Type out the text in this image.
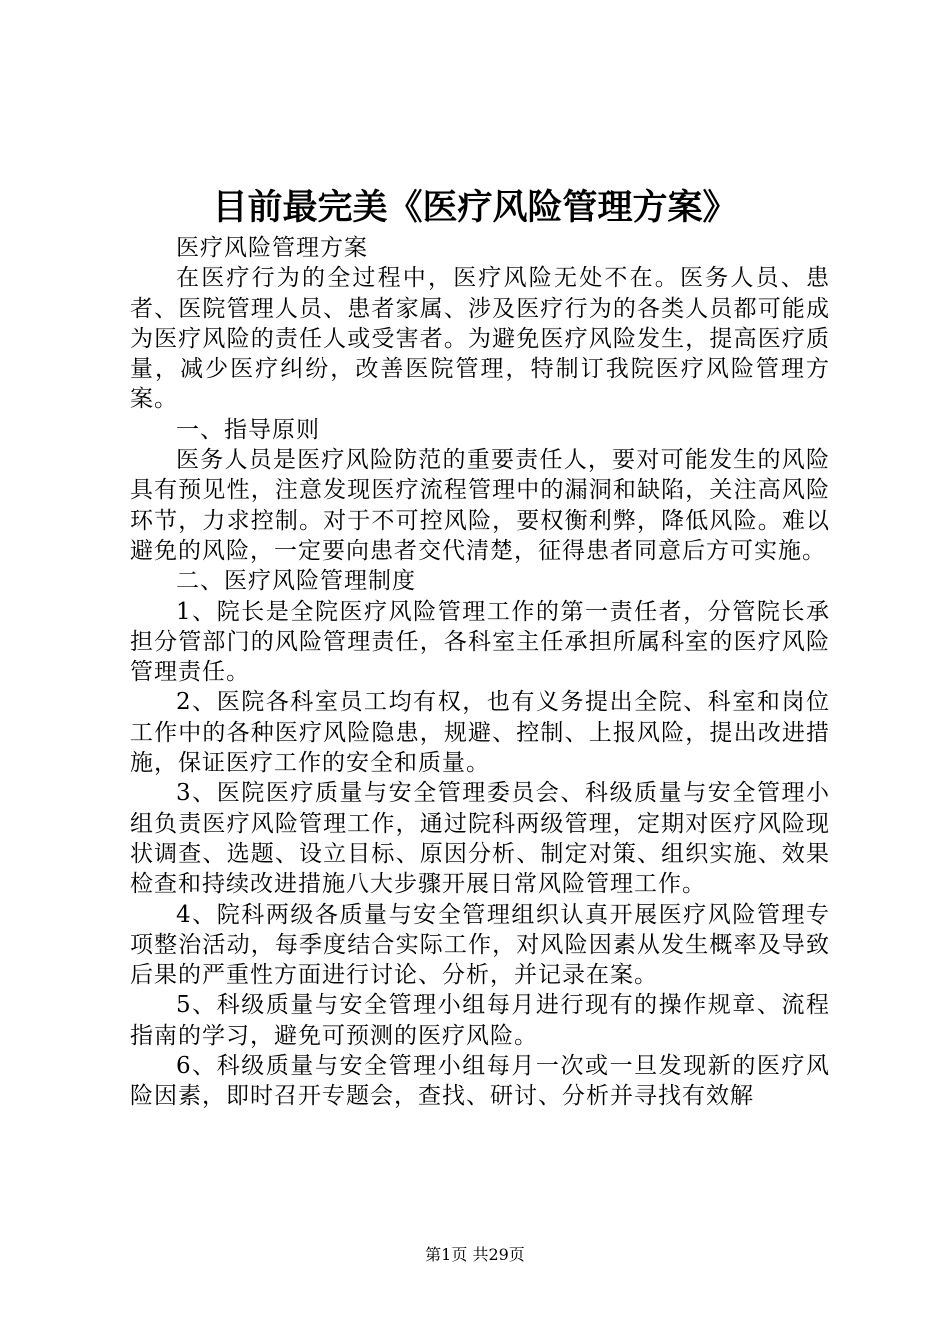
目前最完美《医疗风险管理方案》

医疗风险管理方案

在医疗行为的全过程中，医疗风险无处不在。医务人员、患者、医院管理人员、患者家属、涉及医疗行为的各类人员都可能成为医疗风险的责任人或受害者。为避免医疗风险发生，提高医疗质量，减少医疗纠纷，改善医院管理，特制订我院医疗风险管理方案。

一、指导原则

医务人员是医疗风险防范的重要责任人，要对可能发生的风险具有预见性，注意发现医疗流程管理中的漏洞和缺陷，关注高风险环节，力求控制。对于不可控风险，要权衡利弊，降低风险。难以避免的风险，一定要向患者交代清楚，征得患者同意后方可实施。

二、医疗风险管理制度

1、院长是全院医疗风险管理工作的第一责任者，分管院长承担分管部门的风险管理责任，各科室主任承担所属科室的医疗风险管理责任。

2、医院各科室员工均有权，也有义务提出全院、科室和岗位工作中的各种医疗风险隐患，规避、控制、上报风险，提出改进措施，保证医疗工作的安全和质量。

3、医院医疗质量与安全管理委员会、科级质量与安全管理小组负责医疗风险管理工作，通过院科两级管理，定期对医疗风险现状调查、选题、设立目标、原因分析、制定对策、组织实施、效果检查和持续改进措施八大步骤开展日常风险管理工作。

4、院科两级各质量与安全管理组织认真开展医疗风险管理专项整治活动，每季度结合实际工作，对风险因素从发生概率及导致后果的严重性方面进行讨论、分析，并记录在案。

5、科级质量与安全管理小组每月进行现有的操作规章、流程指南的学习，避免可预测的医疗风险。

6、科级质量与安全管理小组每月一次或一旦发现新的医疗风险因素，即时召开专题会，查找、研讨、分析并寻找有效解

第1页 共29页
